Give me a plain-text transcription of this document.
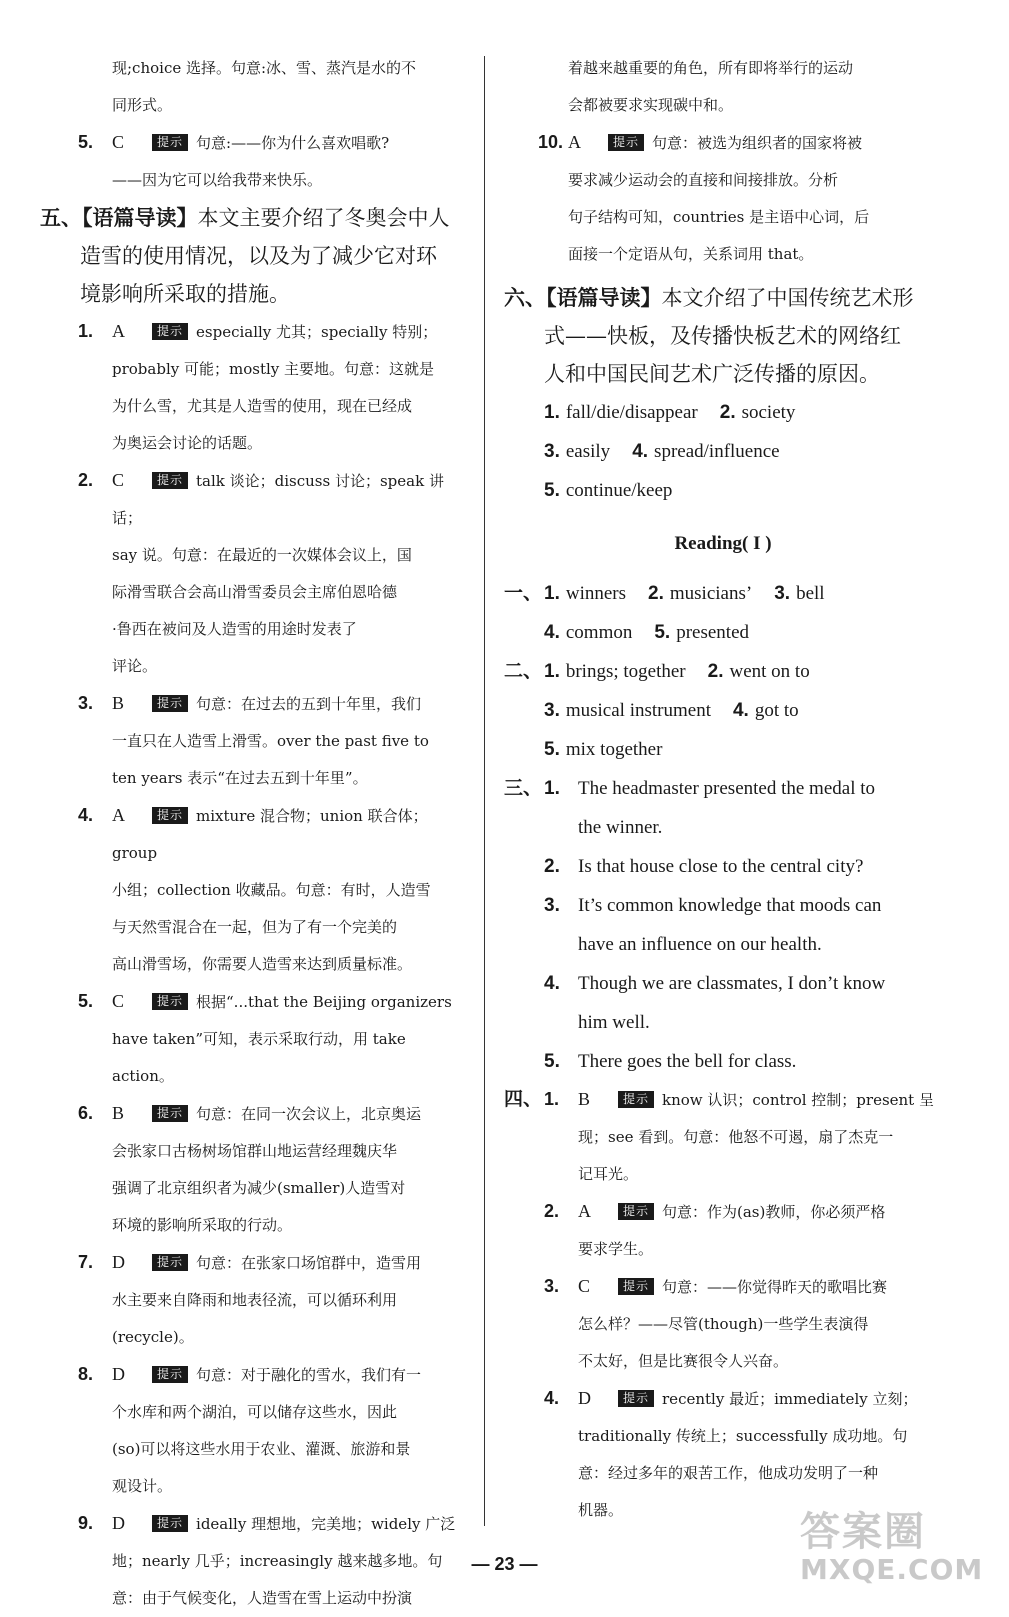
现;choice 选择。句意:冰、雪、蒸汽是水的不
同形式。
5. C	提示 句意:——你为什么喜欢唱歌?
——因为它可以给我带来快乐。
五、【语篇导读】本文主要介绍了冬奥会中人
造雪的使用情况，以及为了减少它对环
境影响所采取的措施。
1. A	提示 especially 尤其；specially 特别；
probably 可能；mostly 主要地。句意：这就是
为什么雪，尤其是人造雪的使用，现在已经成
为奥运会讨论的话题。
2. C	提示 talk 谈论；discuss 讨论；speak 讲话；
say 说。句意：在最近的一次媒体会议上，国
际滑雪联合会高山滑雪委员会主席伯恩哈德
·鲁西在被问及人造雪的用途时发表了
评论。
3. B	提示 句意：在过去的五到十年里，我们
一直只在人造雪上滑雪。over the past five to
ten years 表示“在过去五到十年里”。
4. A	提示 mixture 混合物；union 联合体；group
小组；collection 收藏品。句意：有时，人造雪
与天然雪混合在一起，但为了有一个完美的
高山滑雪场，你需要人造雪来达到质量标准。
5. C	提示 根据“...that the Beijing organizers
have taken”可知，表示采取行动，用 take
action。
6. B	提示 句意：在同一次会议上，北京奥运
会张家口古杨树场馆群山地运营经理魏庆华
强调了北京组织者为减少(smaller)人造雪对
环境的影响所采取的行动。
7. D	提示 句意：在张家口场馆群中，造雪用
水主要来自降雨和地表径流，可以循环利用
(recycle)。
8. D	提示 句意：对于融化的雪水，我们有一
个水库和两个湖泊，可以储存这些水，因此
(so)可以将这些水用于农业、灌溉、旅游和景
观设计。
9. D	提示 ideally 理想地，完美地；widely 广泛
地；nearly 几乎；increasingly 越来越多地。句
意：由于气候变化，人造雪在雪上运动中扮演
着越来越重要的角色，所有即将举行的运动
会都被要求实现碳中和。
10. A	提示 句意：被选为组织者的国家将被
要求减少运动会的直接和间接排放。分析
句子结构可知，countries 是主语中心词，后
面接一个定语从句，关系词用 that。
六、【语篇导读】本文介绍了中国传统艺术形
式——快板，及传播快板艺术的网络红
人和中国民间艺术广泛传播的原因。
1. fall/die/disappear 2. society
3. easily 4. spread/influence
5. continue/keep
Reading( I )
一、 1. winners 2. musicians’ 3. bell
4. common 5. presented
二、 1. brings; together 2. went on to
3. musical instrument 4. got to
5. mix together
三、 1. The headmaster presented the medal to
the winner.
2. Is that house close to the central city?
3. It’s common knowledge that moods can
have an influence on our health.
4. Though we are classmates, I don’t know
him well.
5. There goes the bell for class.
1. B	提示 know 认识；control 控制；present 呈
现；see 看到。句意：他怒不可遏，扇了杰克一
记耳光。
四、
2. A	提示 句意：作为(as)教师，你必须严格
要求学生。
3. C	提示 句意：——你觉得昨天的歌唱比赛
怎么样？——尽管(though)一些学生表演得
不太好，但是比赛很令人兴奋。
4. D	提示 recently 最近；immediately 立刻；
traditionally 传统上；successfully 成功地。句
意：经过多年的艰苦工作，他成功发明了一种
机器。
— 23 —
答案圈
MXQE.COM
